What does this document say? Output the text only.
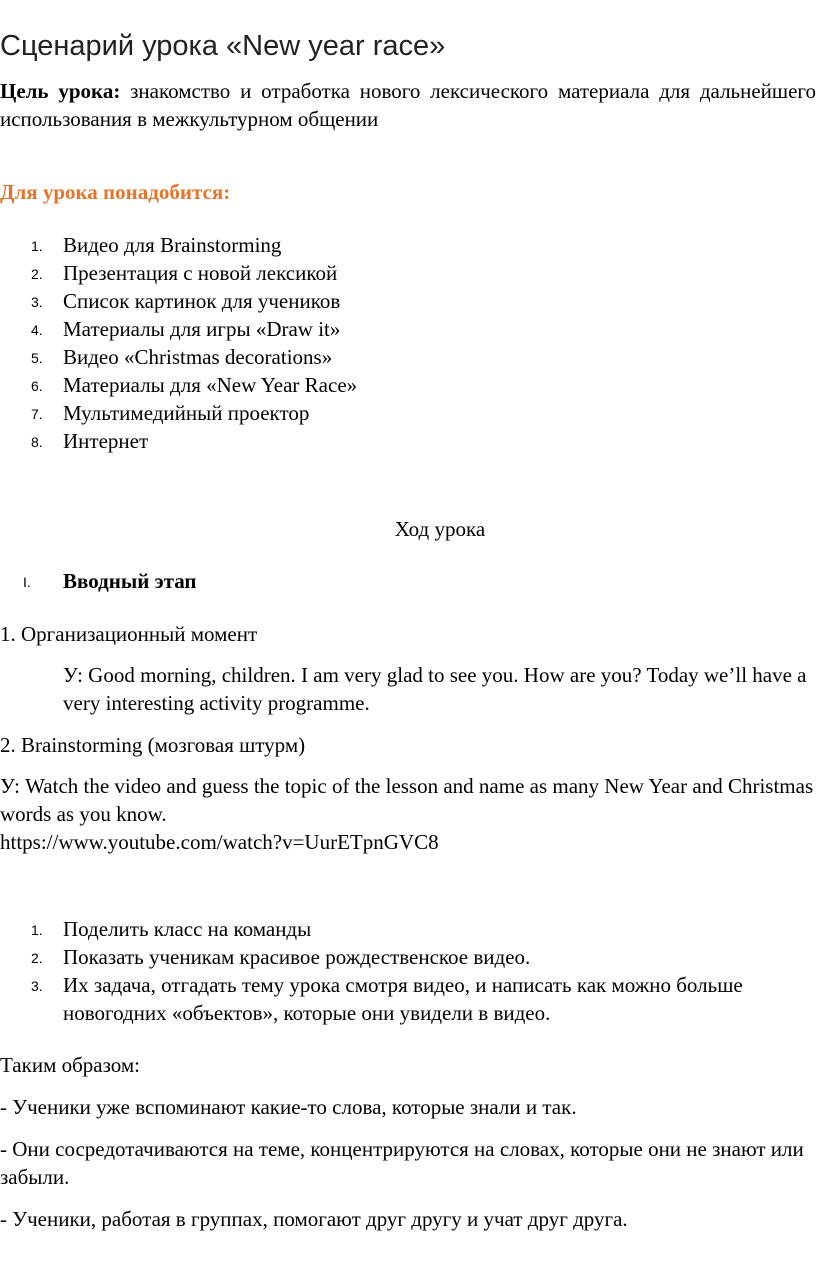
Сценарий урока «New year race»

Цель урока: знакомство и отработка нового лексического материала для дальнейшего использования в межкультурном общении

Для урока понадобится:
1. Видео для Brainstorming
2. Презентация с новой лексикой
3. Список картинок для учеников
4. Материалы для игры «Draw it»
5. Видео «Christmas decorations»
6. Материалы для «New Year Race»
7. Мультимедийный проектор
8. Интернет
Ход урока
I. Вводный этап

1. Организационный момент

У: Good morning, children. I am very glad to see you. How are you? Today we’ll have a very interesting activity programme.

2. Brainstorming (мозговая штурм)

У: Watch the video and guess the topic of the lesson and name as many New Year and Christmas words as you know.

https://www.youtube.com/watch?v=UurETpnGVC8

1. Поделить класс на команды
2. Показать ученикам красивое рождественское видео.
3. Их задача, отгадать тему урока смотря видео, и написать как можно больше новогодних «объектов», которые они увидели в видео.

Таким образом:

- Ученики уже вспоминают какие-то слова, которые знали и так.

- Они сосредотачиваются на теме, концентрируются на словах, которые они не знают или забыли.

- Ученики, работая в группах, помогают друг другу и учат друг друга.
